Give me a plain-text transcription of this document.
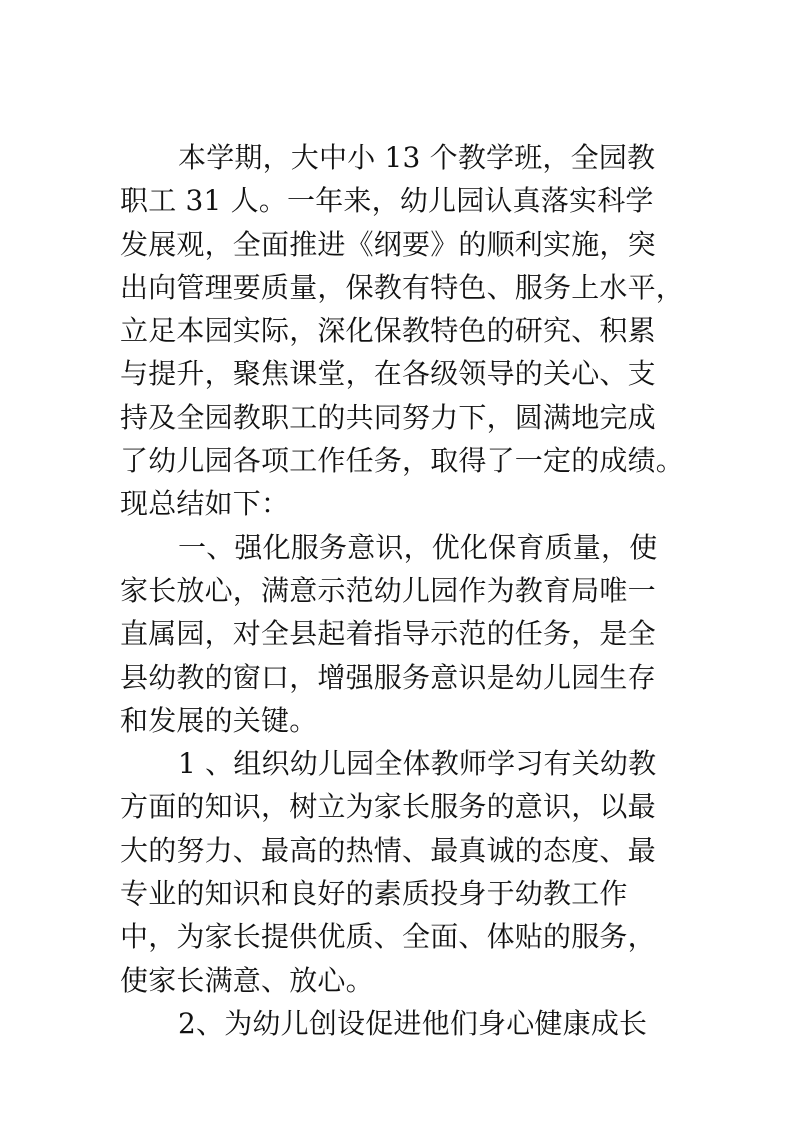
本学期，大中小 13 个教学班，全园教
职工 31 人。一年来，幼儿园认真落实科学
发展观，全面推进《纲要》的顺利实施，突
出向管理要质量，保教有特色、服务上水平，
立足本园实际，深化保教特色的研究、积累
与提升，聚焦课堂，在各级领导的关心、支
持及全园教职工的共同努力下，圆满地完成
了幼儿园各项工作任务，取得了一定的成绩。
现总结如下：
一、强化服务意识，优化保育质量，使
家长放心，满意示范幼儿园作为教育局唯一
直属园，对全县起着指导示范的任务，是全
县幼教的窗口，增强服务意识是幼儿园生存
和发展的关键。
1 、组织幼儿园全体教师学习有关幼教
方面的知识，树立为家长服务的意识，以最
大的努力、最高的热情、最真诚的态度、最
专业的知识和良好的素质投身于幼教工作
中，为家长提供优质、全面、体贴的服务，
使家长满意、放心。
2、为幼儿创设促进他们身心健康成长
